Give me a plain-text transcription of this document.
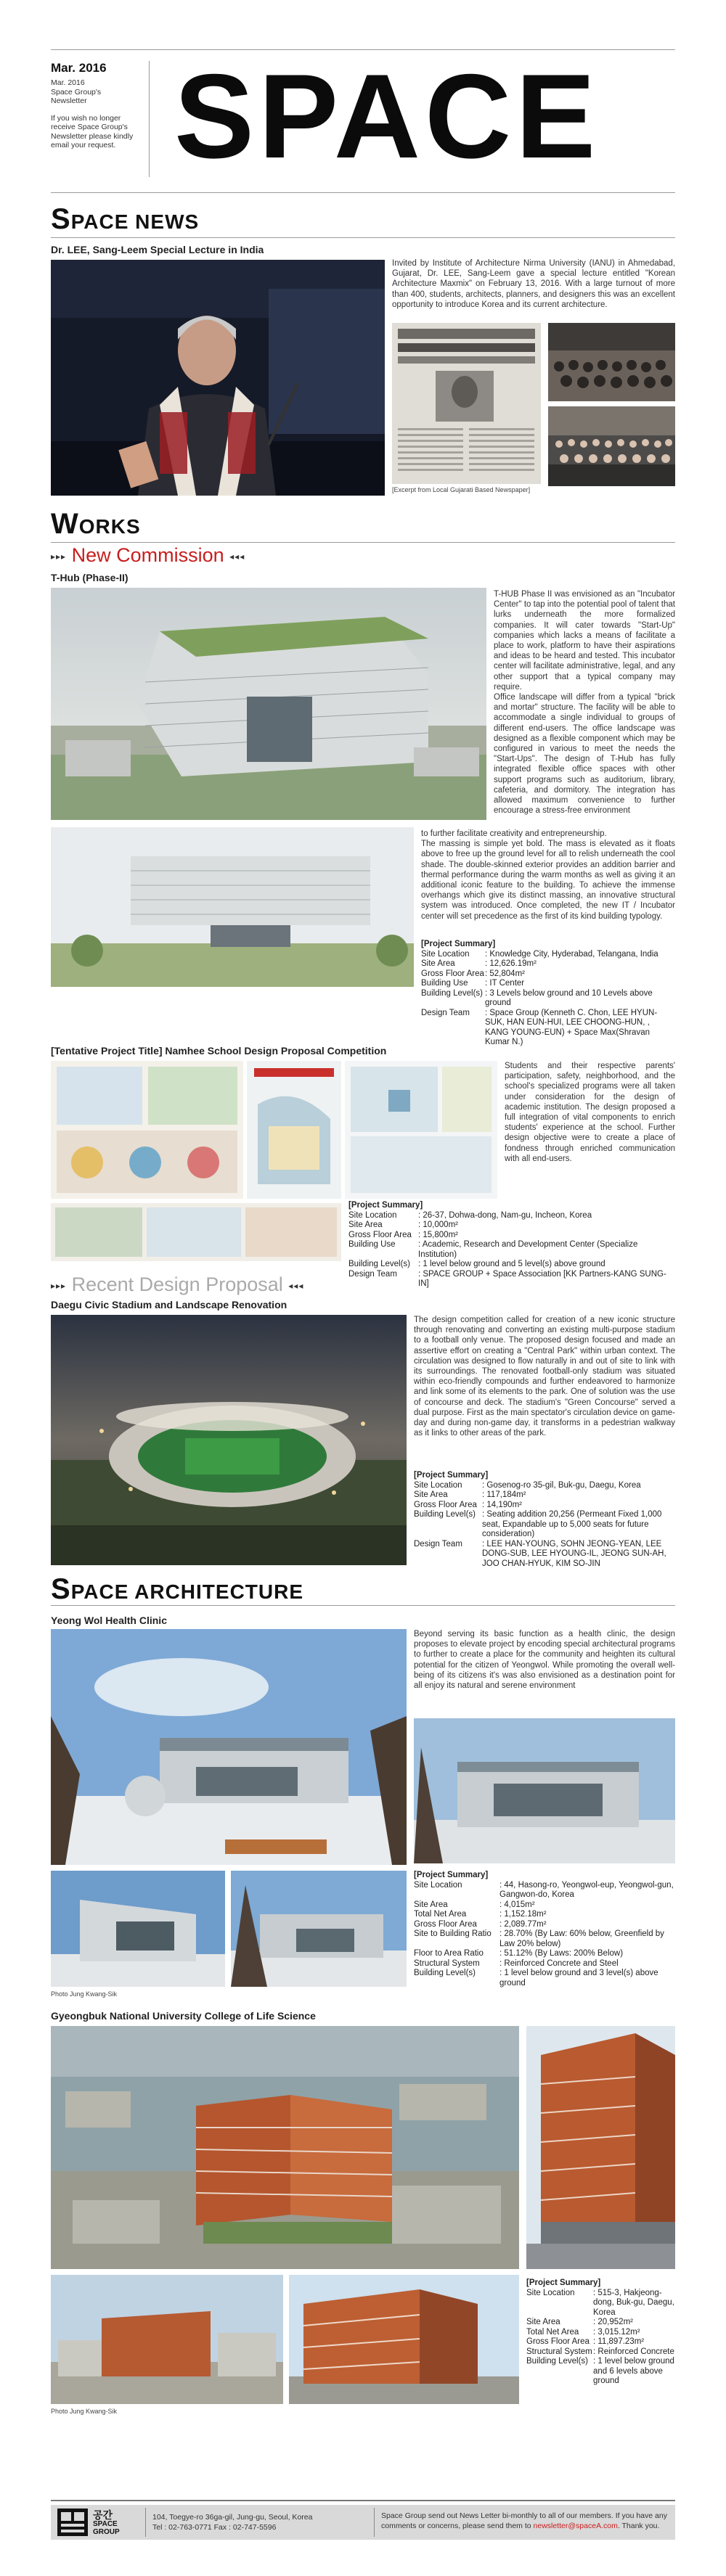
Mar. 2016
Mar. 2016
Space Group's
Newsletter
If you wish no longer receive Space Group's Newsletter please kindly email your request. SPACE
SPACE NEWS
Dr. LEE, Sang-Leem Special Lecture in India
[Excerpt from Local Gujarati Based Newspaper]
Invited by Institute of Architecture Nirma University (IANU) in Ahmedabad, Gujarat, Dr. LEE, Sang-Leem gave a special lecture entitled "Korean Architecture Maxmix" on February 13, 2016. With a large turnout of more than 400, students, architects, planners, and designers this was an excellent opportunity to introduce Korea and its current architecture.
WORKS
▸▸▸ New Commission ◂◂◂
T-Hub (Phase-II)
T-HUB Phase II was envisioned as an "Incubator Center" to tap into the potential pool of talent that lurks underneath the more formalized companies. It will cater towards "Start-Up" companies which lacks a means of facilitate a place to work, platform to have their aspirations and ideas to be heard and tested. This incubator center will facilitate administrative, legal, and any other support that a typical company may require.
Office landscape will differ from a typical "brick and mortar" structure. The facility will be able to accommodate a single individual to groups of different end-users. The office landscape was designed as a flexible component which may be configured in various to meet the needs the "Start-Ups". The design of T-Hub has fully integrated flexible office spaces with other support programs such as auditorium, library, cafeteria, and dormitory. The integration has allowed maximum convenience to further encourage a stress-free environment
to further facilitate creativity and entrepreneurship.
The massing is simple yet bold. The mass is elevated as it floats above to free up the ground level for all to relish underneath the cool shade. The double-skinned exterior provides an addition barrier and thermal performance during the warm months as well as giving it an additional iconic feature to the building. To achieve the immense overhangs which give its distinct massing, an innovative structural system was introduced. Once completed, the new IT / Incubator center will set precedence as the first of its kind building typology.
[Project Summary]
Site Location	: Knowledge City, Hyderabad, Telangana, India
Site Area	: 12,626.19m²
Gross Floor Area : 52,804m²
Building Use	: IT Center
Building Level(s) : 3 Levels below ground and 10 Levels above ground
Design Team	: Space Group (Kenneth C. Chon, LEE HYUN-SUK, HAN EUN-HUI, LEE CHOONG-HUN, , KANG YOUNG-EUN) + Space Max(Shravan Kumar N.)
[Tentative Project Title] Namhee School Design Proposal Competition
Students and their respective parents' participation, safety, neighborhood, and the school's specialized programs were all taken under consideration for the design of academic institution. The design proposed a full integration of vital components to enrich students' experience at the school. Further design objective were to create a place of fondness through enriched communication with all end-users.
[Project Summary]
Site Location	: 26-37, Dohwa-dong, Nam-gu, Incheon, Korea
Site Area	: 10,000m²
Gross Floor Area : 15,800m²
Building Use	: Academic, Research and Development Center (Specialize Institution)
Building Level(s) : 1 level below ground and 5 level(s) above ground
Design Team	: SPACE GROUP + Space Association [KK Partners-KANG SUNG-IN]
▸▸▸ Recent Design Proposal ◂◂◂
Daegu Civic Stadium and Landscape Renovation
The design competition called for creation of a new iconic structure through renovating and converting an existing multi-purpose stadium to a football only venue. The proposed design focused and made an assertive effort on creating a "Central Park" within urban context. The circulation was designed to flow naturally in and out of site to link with its surroundings. The renovated football-only stadium was situated within eco-friendly compounds and further endeavored to harmonize and link some of its elements to the park. One of solution was the use of concourse and deck. The stadium's "Green Concourse" served a dual purpose. First as the main spectator's circulation device on game-day and during non-game day, it transforms in a pedestrian walkway as it links to other areas of the park.
[Project Summary]
Site Location	: Gosenog-ro 35-gil, Buk-gu, Daegu, Korea
Site Area	: 117,184m²
Gross Floor Area : 14,190m²
Building Level(s) : Seating addition 20,256 (Permeant Fixed 1,000 seat, Expandable up to 5,000 seats for future consideration)
Design Team	: LEE HAN-YOUNG, SOHN JEONG-YEAN, LEE DONG-SUB, LEE HYOUNG-IL, JEONG SUN-AH, JOO CHAN-HYUK, KIM SO-JIN
SPACE ARCHITECTURE
Yeong Wol Health Clinic
Beyond serving its basic function as a health clinic, the design proposes to elevate project by encoding special architectural programs to further to create a place for the community and heighten its cultural potential for the citizen of Yeongwol. While promoting the overall well-being of its citizens it's was also envisioned as a destination point for all enjoy its natural and serene environment
Photo Jung Kwang-Sik
[Project Summary]
Site Location	: 44, Hasong-ro, Yeongwol-eup, Yeongwol-gun, Gangwon-do, Korea
Site Area	: 4,015m²
Total Net Area	: 1,152.18m²
Gross Floor Area	: 2,089.77m²
Site to Building Ratio : 28.70% (By Law: 60% below, Greenfield by Law 20% below)
Floor to Area Ratio	: 51.12% (By Laws: 200% Below)
Structural System	: Reinforced Concrete and Steel
Building Level(s)	: 1 level below ground and 3 level(s) above ground
Gyeongbuk National University College of Life Science
Photo Jung Kwang-Sik
[Project Summary]
Site Location	: 515-3, Hakjeong-dong, Buk-gu, Daegu, Korea
Site Area	: 20,952m²
Total Net Area	: 3,015.12m²
Gross Floor Area : 11,897.23m²
Structural System : Reinforced Concrete
Building Level(s) : 1 level below ground and 6 levels above ground
공간
SPACE
GROUP
104, Toegye-ro 36ga-gil, Jung-gu, Seoul, Korea
Tel : 02-763-0771 Fax : 02-747-5596
Space Group send out News Letter bi-monthly to all of our members. If you have any comments or concerns, please send them to newsletter@spaceA.com. Thank you.
